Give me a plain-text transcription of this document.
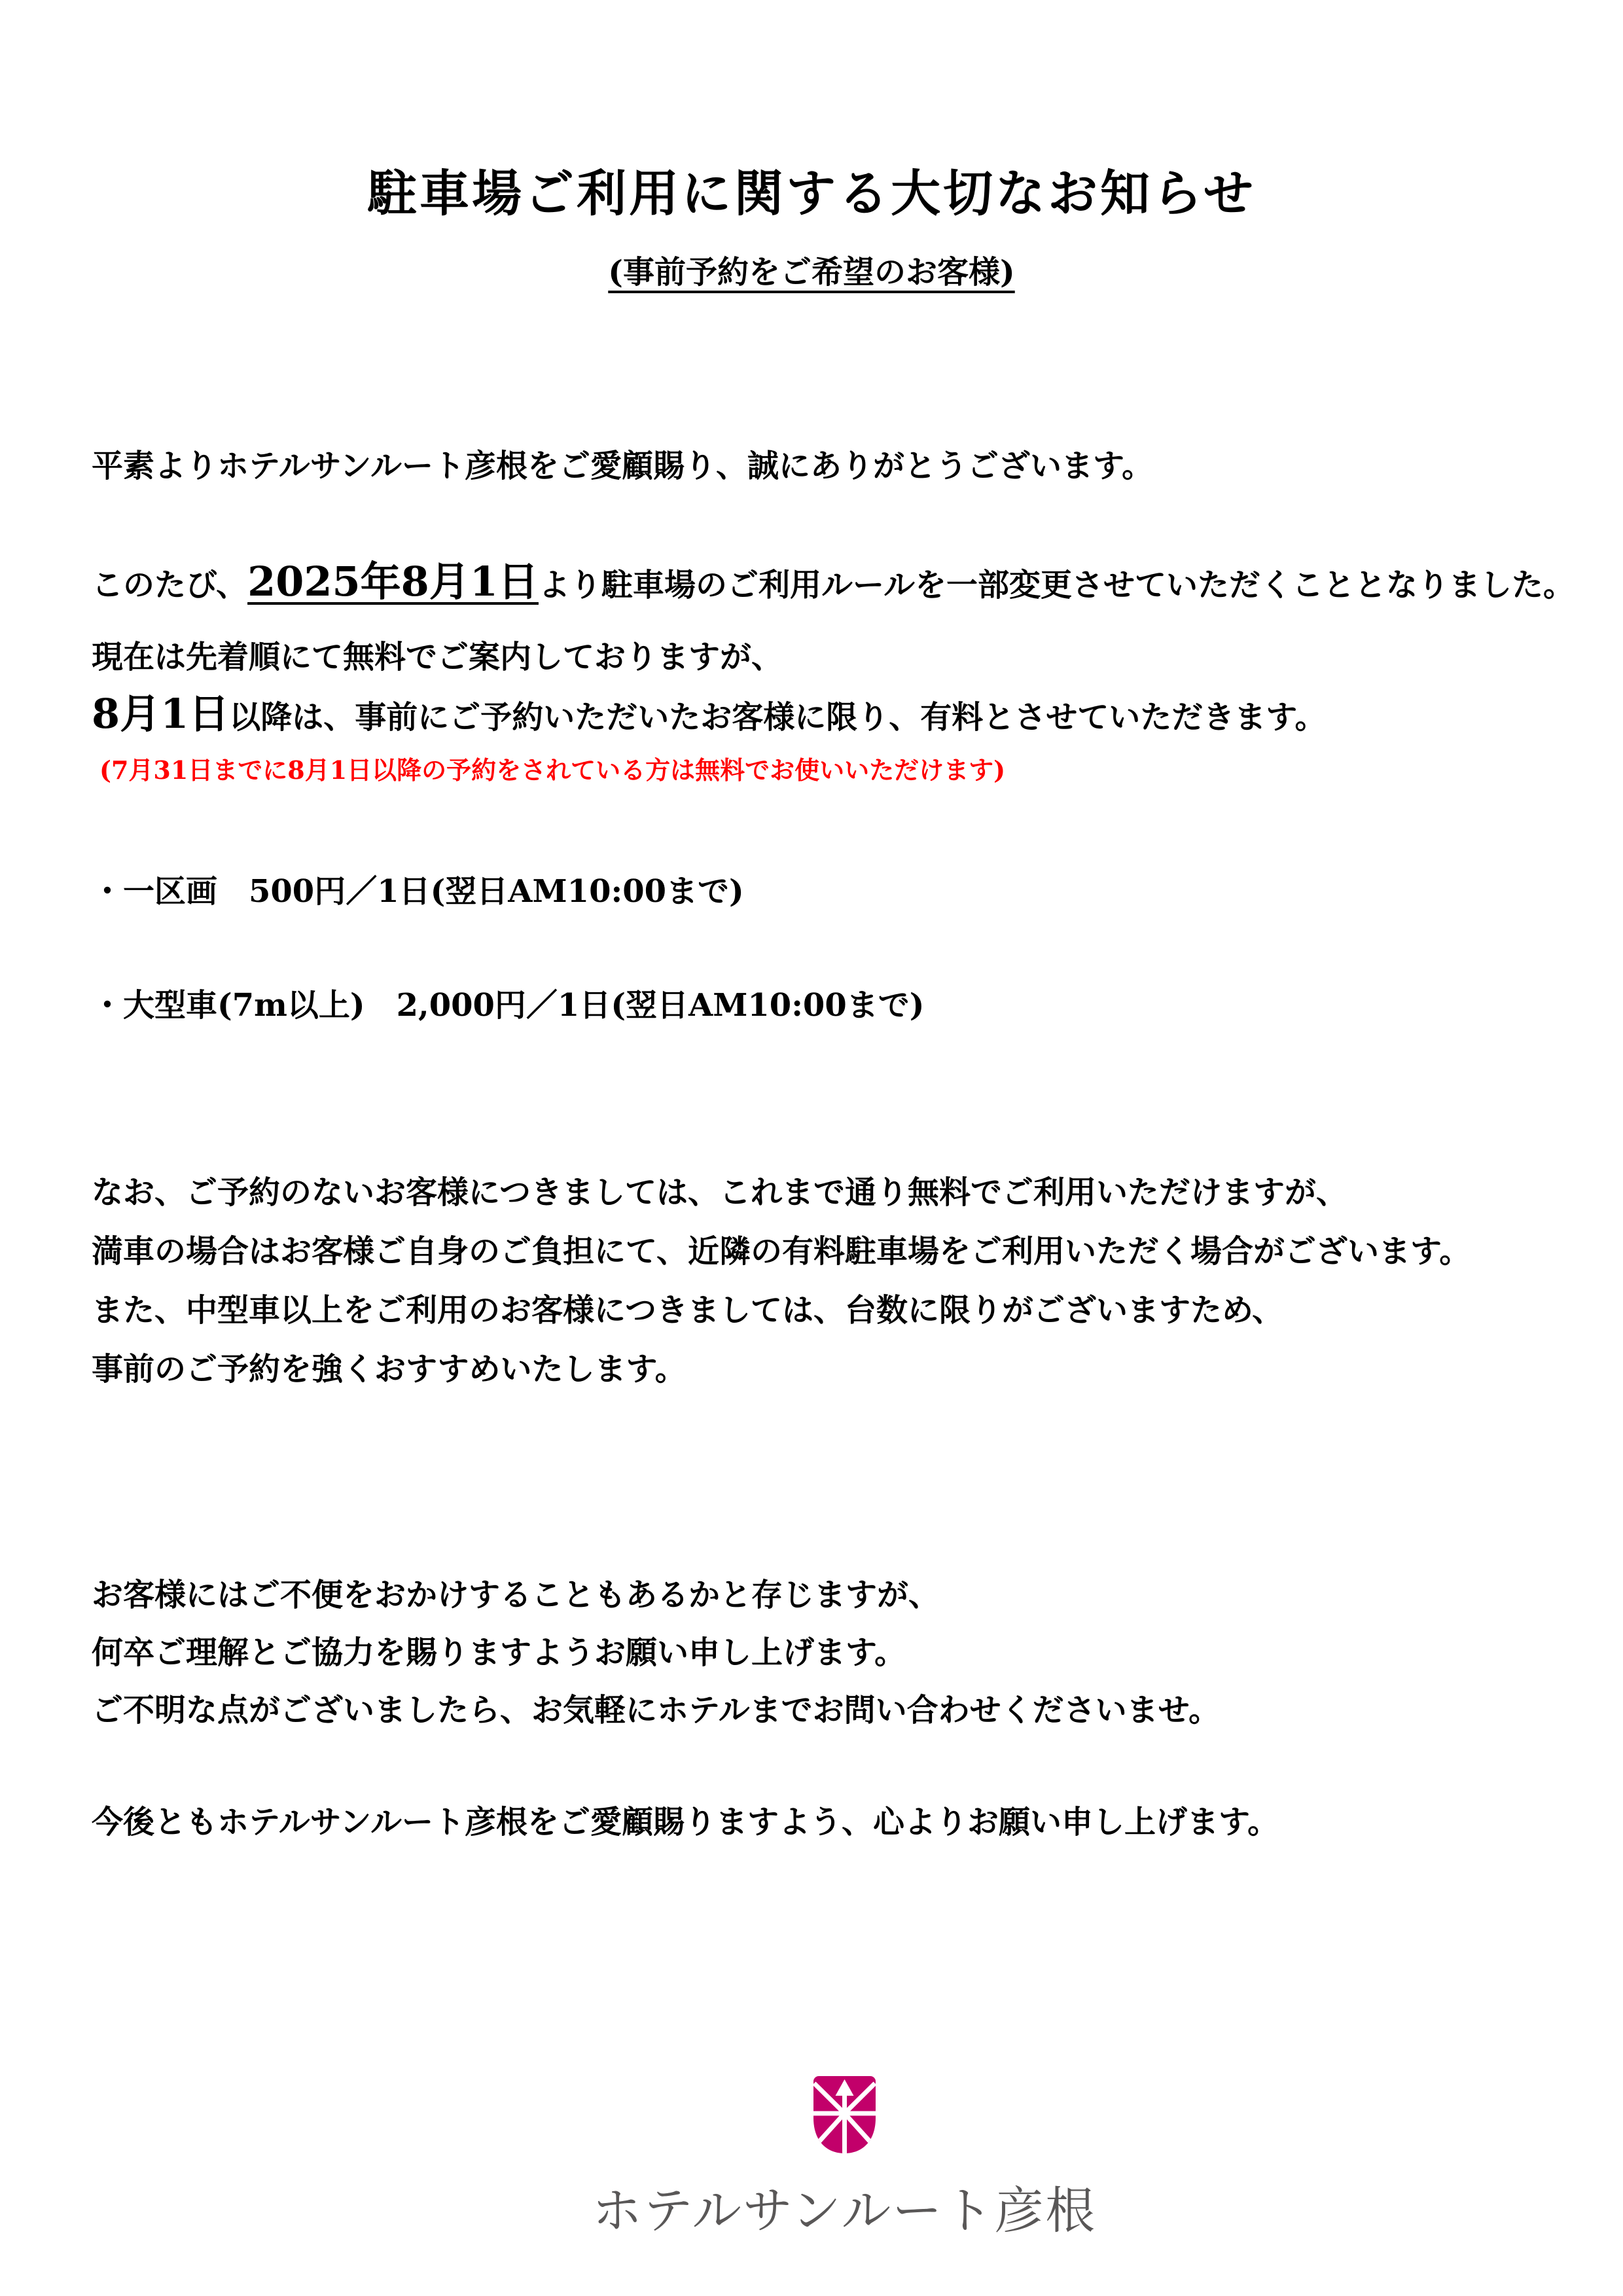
駐車場ご利用に関する大切なお知らせ
(事前予約をご希望のお客様)

平素よりホテルサンルート彦根をご愛顧賜り、誠にありがとうございます。

このたび、2025年8月1日より駐車場のご利用ルールを一部変更させていただくこととなりました。

現在は先着順にて無料でご案内しておりますが、

8月1日以降は、事前にご予約いただいたお客様に限り、有料とさせていただきます。

(7月31日までに8月1日以降の予約をされている方は無料でお使いいただけます)

・一区画　500円／1日(翌日AM10:00まで)

・大型車(7m以上)　2,000円／1日(翌日AM10:00まで)

なお、ご予約のないお客様につきましては、これまで通り無料でご利用いただけますが、

満車の場合はお客様ご自身のご負担にて、近隣の有料駐車場をご利用いただく場合がございます。

また、中型車以上をご利用のお客様につきましては、台数に限りがございますため、

事前のご予約を強くおすすめいたします。

お客様にはご不便をおかけすることもあるかと存じますが、

何卒ご理解とご協力を賜りますようお願い申し上げます。

ご不明な点がございましたら、お気軽にホテルまでお問い合わせくださいませ。

今後ともホテルサンルート彦根をご愛顧賜りますよう、心よりお願い申し上げます。

ホテルサンルート彦根
